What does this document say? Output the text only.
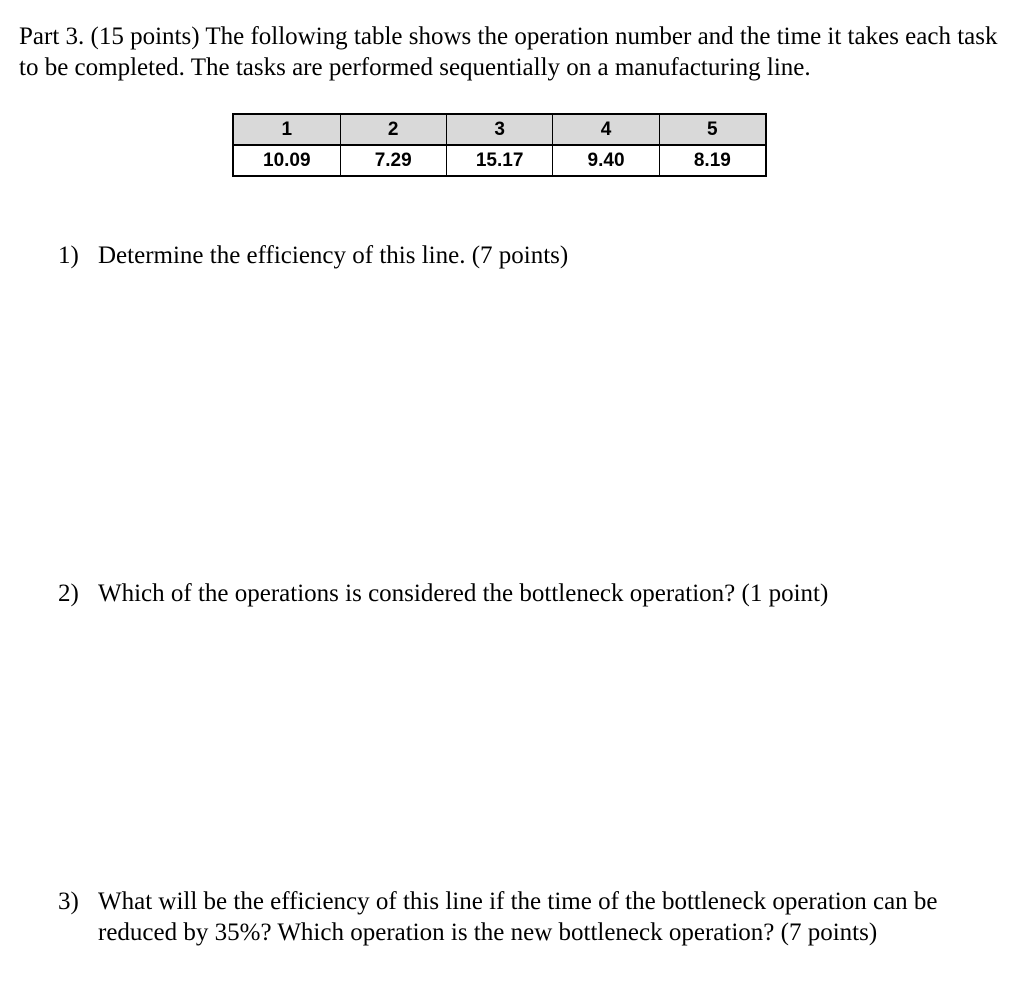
Part 3. (15 points) The following table shows the operation number and the time it takes each task to be completed. The tasks are performed sequentially on a manufacturing line.

1	2	3	4	5
10.09	7.29	15.17	9.40	8.19
1) Determine the efficiency of this line. (7 points)
2) Which of the operations is considered the bottleneck operation? (1 point)
3) What will be the efficiency of this line if the time of the bottleneck operation can be reduced by 35%? Which operation is the new bottleneck operation? (7 points)
